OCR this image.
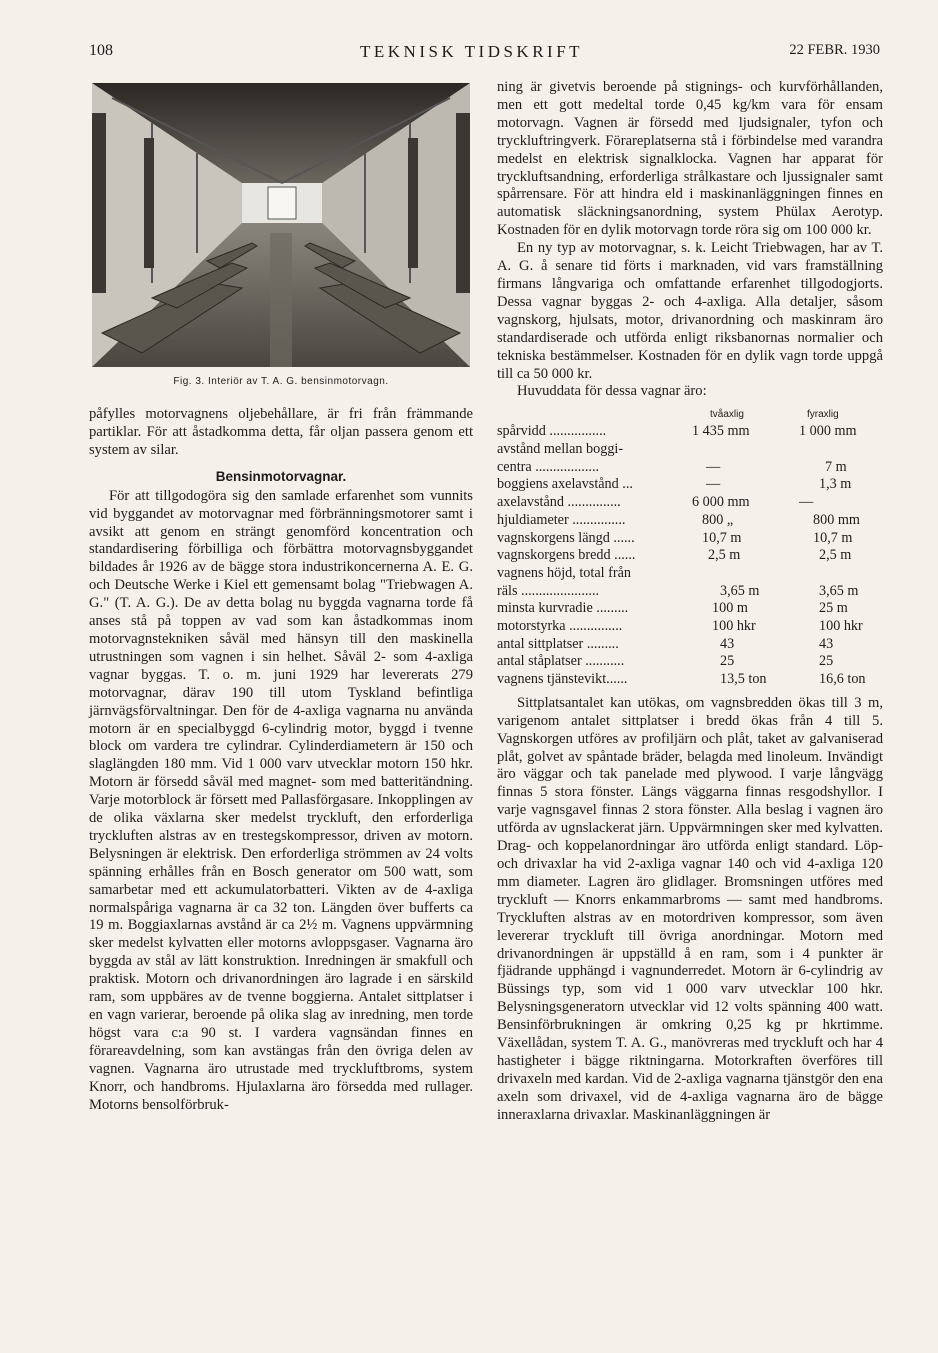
108	TEKNISK TIDSKRIFT	22 FEBR. 1930
Fig. 3. Interiör av T. A. G. bensinmotorvagn.

påfylles motorvagnens oljebehållare, är fri från främmande partiklar. För att åstadkomma detta, får oljan passera genom ett system av silar.

Bensinmotorvagnar.

För att tillgodogöra sig den samlade erfarenhet som vunnits vid byggandet av motorvagnar med förbränningsmotorer samt i avsikt att genom en strängt genomförd koncentration och standardisering förbilliga och förbättra motorvagnsbyggandet bildades år 1926 av de bägge stora industrikoncernerna A. E. G. och Deutsche Werke i Kiel ett gemensamt bolag "Triebwagen A. G." (T. A. G.). De av detta bolag nu byggda vagnarna torde få anses stå på toppen av vad som kan åstadkommas inom motorvagnstekniken såväl med hänsyn till den maskinella utrustningen som vagnen i sin helhet. Såväl 2- som 4-axliga vagnar byggas. T. o. m. juni 1929 har levererats 279 motorvagnar, därav 190 till utom Tyskland befintliga järnvägsförvaltningar. Den för de 4-axliga vagnarna nu använda motorn är en specialbyggd 6-cylindrig motor, byggd i tvenne block om vardera tre cylindrar. Cylinderdiametern är 150 och slaglängden 180 mm. Vid 1 000 varv utvecklar motorn 150 hkr. Motorn är försedd såväl med magnet- som med batteritändning. Varje motorblock är försett med Pallasförgasare. Inkopplingen av de olika växlarna sker medelst tryckluft, den erforderliga tryckluften alstras av en trestegskompressor, driven av motorn. Belysningen är elektrisk. Den erforderliga strömmen av 24 volts spänning erhålles från en Bosch generator om 500 watt, som samarbetar med ett ackumulatorbatteri. Vikten av de 4-axliga normalspåriga vagnarna är ca 32 ton. Längden över bufferts ca 19 m. Boggiaxlarnas avstånd är ca 2½ m. Vagnens uppvärmning sker medelst kylvatten eller motorns avloppsgaser. Vagnarna äro byggda av stål av lätt konstruktion. Inredningen är smakfull och praktisk. Motorn och drivanordningen äro lagrade i en särskild ram, som uppbäres av de tvenne boggierna. Antalet sittplatser i en vagn varierar, beroende på olika slag av inredning, men torde högst vara c:a 90 st. I vardera vagnsändan finnes en förareavdelning, som kan avstängas från den övriga delen av vagnen. Vagnarna äro utrustade med tryckluftbroms, system Knorr, och handbroms. Hjulaxlarna äro försedda med rullager. Motorns bensolförbruk-

ning är givetvis beroende på stignings- och kurvförhållanden, men ett gott medeltal torde 0,45 kg/km vara för ensam motorvagn. Vagnen är försedd med ljudsignaler, tyfon och tryckluftringverk. Förareplatserna stå i förbindelse med varandra medelst en elektrisk signalklocka. Vagnen har apparat för tryckluftsandning, erforderliga strålkastare och ljussignaler samt spårrensare. För att hindra eld i maskinanläggningen finnes en automatisk släckningsanordning, system Phülax Aerotyp. Kostnaden för en dylik motorvagn torde röra sig om 100 000 kr.

En ny typ av motorvagnar, s. k. Leicht Triebwagen, har av T. A. G. å senare tid förts i marknaden, vid vars framställning firmans långvariga och omfattande erfarenhet tillgodogjorts. Dessa vagnar byggas 2- och 4-axliga. Alla detaljer, såsom vagnskorg, hjulsats, motor, drivanordning och maskinram äro standardiserade och utförda enligt riksbanornas normalier och tekniska bestämmelser. Kostnaden för en dylik vagn torde uppgå till ca 50 000 kr.

Huvuddata för dessa vagnar äro:

tvåaxlig	fyraxlig
spårvidd ................	1 435 mm	1 000 mm
avstånd mellan boggi-
centra ..................	—	7 m
boggiens axelavstånd ...	—	1,3 m
axelavstånd ...............	6 000 mm	—
hjuldiameter ...............	800 „	800 mm
vagnskorgens längd ......	10,7 m	10,7 m
vagnskorgens bredd ......	2,5 m	2,5 m
vagnens höjd, total från
räls ......................	3,65 m	3,65 m
minsta kurvradie .........	100 m	25 m
motorstyrka ...............	100 hkr	100 hkr
antal sittplatser .........	43	43
antal ståplatser ...........	25	25
vagnens tjänstevikt......	13,5 ton	16,6 ton

Sittplatsantalet kan utökas, om vagnsbredden ökas till 3 m, varigenom antalet sittplatser i bredd ökas från 4 till 5. Vagnskorgen utföres av profiljärn och plåt, taket av galvaniserad plåt, golvet av spåntade bräder, belagda med linoleum. Invändigt äro väggar och tak panelade med plywood. I varje långvägg finnas 5 stora fönster. Längs väggarna finnas resgodshyllor. I varje vagnsgavel finnas 2 stora fönster. Alla beslag i vagnen äro utförda av ugnslackerat järn. Uppvärmningen sker med kylvatten. Drag- och koppelanordningar äro utförda enligt standard. Löp- och drivaxlar ha vid 2-axliga vagnar 140 och vid 4-axliga 120 mm diameter. Lagren äro glidlager. Bromsningen utföres med tryckluft — Knorrs enkammarbroms — samt med handbroms. Tryckluften alstras av en motordriven kompressor, som även levererar tryckluft till övriga anordningar. Motorn med drivanordningen är uppställd å en ram, som i 4 punkter är fjädrande upphängd i vagnunderredet. Motorn är 6-cylindrig av Büssings typ, som vid 1 000 varv utvecklar 100 hkr. Belysningsgeneratorn utvecklar vid 12 volts spänning 400 watt. Bensinförbrukningen är omkring 0,25 kg pr hkrtimme. Växellådan, system T. A. G., manövreras med tryckluft och har 4 hastigheter i bägge riktningarna. Motorkraften överföres till drivaxeln med kardan. Vid de 2-axliga vagnarna tjänstgör den ena axeln som drivaxel, vid de 4-axliga vagnarna äro de bägge inneraxlarna drivaxlar. Maskinanläggningen är
